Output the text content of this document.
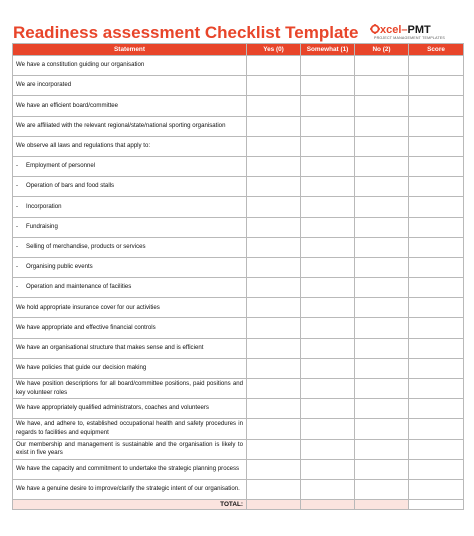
Readiness assessment Checklist Template	xcel–PMT
PROJECT MANAGEMENT TEMPLATES
Statement	Yes (0)	Somewhat (1)	No (2)	Score
We have a constitution guiding our organisation				
We are incorporated				
We have an efficient board/committee				
We are affiliated with the relevant regional/state/national sporting organisation				
We observe all laws and regulations that apply to:				
- Employment of personnel				
- Operation of bars and food stalls				
- Incorporation				
- Fundraising				
- Selling of merchandise, products or services				
- Organising public events				
- Operation and maintenance of facilities				
We hold appropriate insurance cover for our activities				
We have appropriate and effective financial controls				
We have an organisational structure that makes sense and is efficient				
We have policies that guide our decision making				
We have position descriptions for all board/committee positions, paid positions and key volunteer roles				
We have appropriately qualified administrators, coaches and volunteers				
We have, and adhere to, established occupational health and safety procedures in regards to facilities and equipment				
Our membership and management is sustainable and the organisation is likely to exist in five years				
We have the capacity and commitment to undertake the strategic planning process				
We have a genuine desire to improve/clarify the strategic intent of our organisation.				
TOTAL:				
